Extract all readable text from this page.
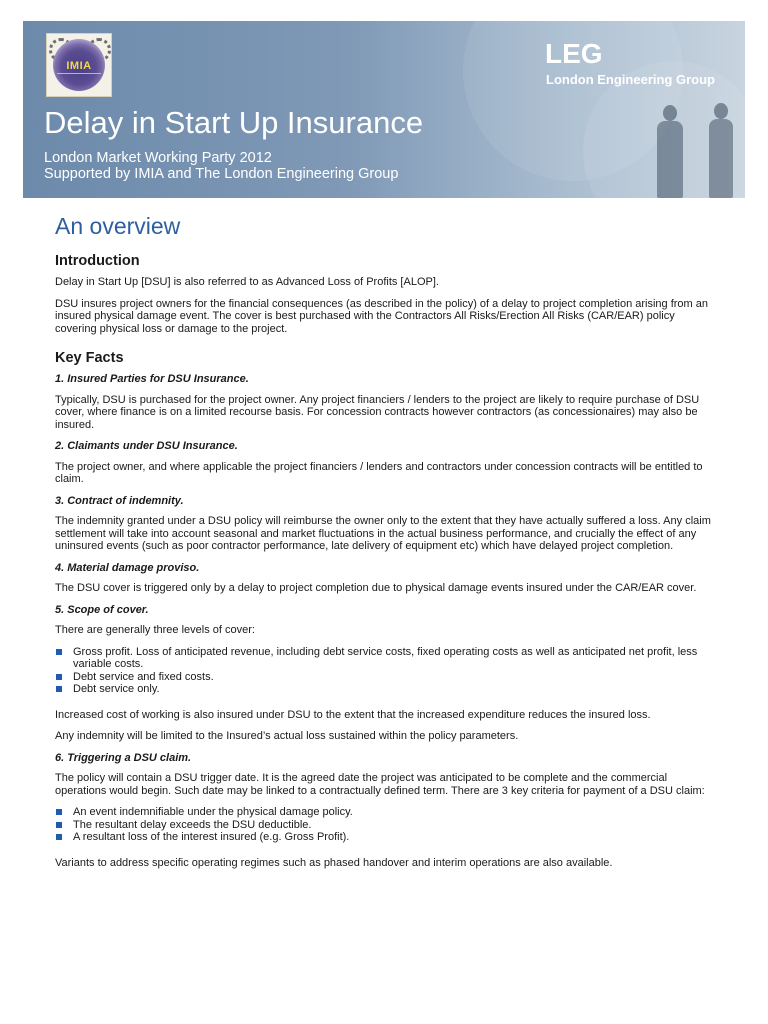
IMIA	LEG
London Engineering Group
Delay in Start Up Insurance
London Market Working Party 2012
Supported by IMIA and The London Engineering Group
An overview
Introduction

Delay in Start Up [DSU] is also referred to as Advanced Loss of Profits [ALOP].

DSU insures project owners for the financial consequences (as described in the policy) of a delay to project completion arising from an insured physical damage event. The cover is best purchased with the Contractors All Risks/Erection All Risks (CAR/EAR) policy covering physical loss or damage to the project.

Key Facts
1. Insured Parties for DSU Insurance.

Typically, DSU is purchased for the project owner. Any project financiers / lenders to the project are likely to require purchase of DSU cover, where finance is on a limited recourse basis. For concession contracts however contractors (as concessionaires) may also be insured.

2. Claimants under DSU Insurance.

The project owner, and where applicable the project financiers / lenders and contractors under concession contracts will be entitled to claim.

3. Contract of indemnity.

The indemnity granted under a DSU policy will reimburse the owner only to the extent that they have actually suffered a loss. Any claim settlement will take into account seasonal and market fluctuations in the actual business performance, and crucially the effect of any uninsured events (such as poor contractor performance, late delivery of equipment etc) which have delayed project completion.

4. Material damage proviso.

The DSU cover is triggered only by a delay to project completion due to physical damage events insured under the CAR/EAR cover.

5. Scope of cover.

There are generally three levels of cover:

Gross profit. Loss of anticipated revenue, including debt service costs, fixed operating costs as well as anticipated net profit, less variable costs.
Debt service and fixed costs.
Debt service only.

Increased cost of working is also insured under DSU to the extent that the increased expenditure reduces the insured loss.

Any indemnity will be limited to the Insured’s actual loss sustained within the policy parameters.

6. Triggering a DSU claim.

The policy will contain a DSU trigger date. It is the agreed date the project was anticipated to be complete and the commercial operations would begin. Such date may be linked to a contractually defined term. There are 3 key criteria for payment of a DSU claim:

An event indemnifiable under the physical damage policy.
The resultant delay exceeds the DSU deductible.
A resultant loss of the interest insured (e.g. Gross Profit).

Variants to address specific operating regimes such as phased handover and interim operations are also available.
